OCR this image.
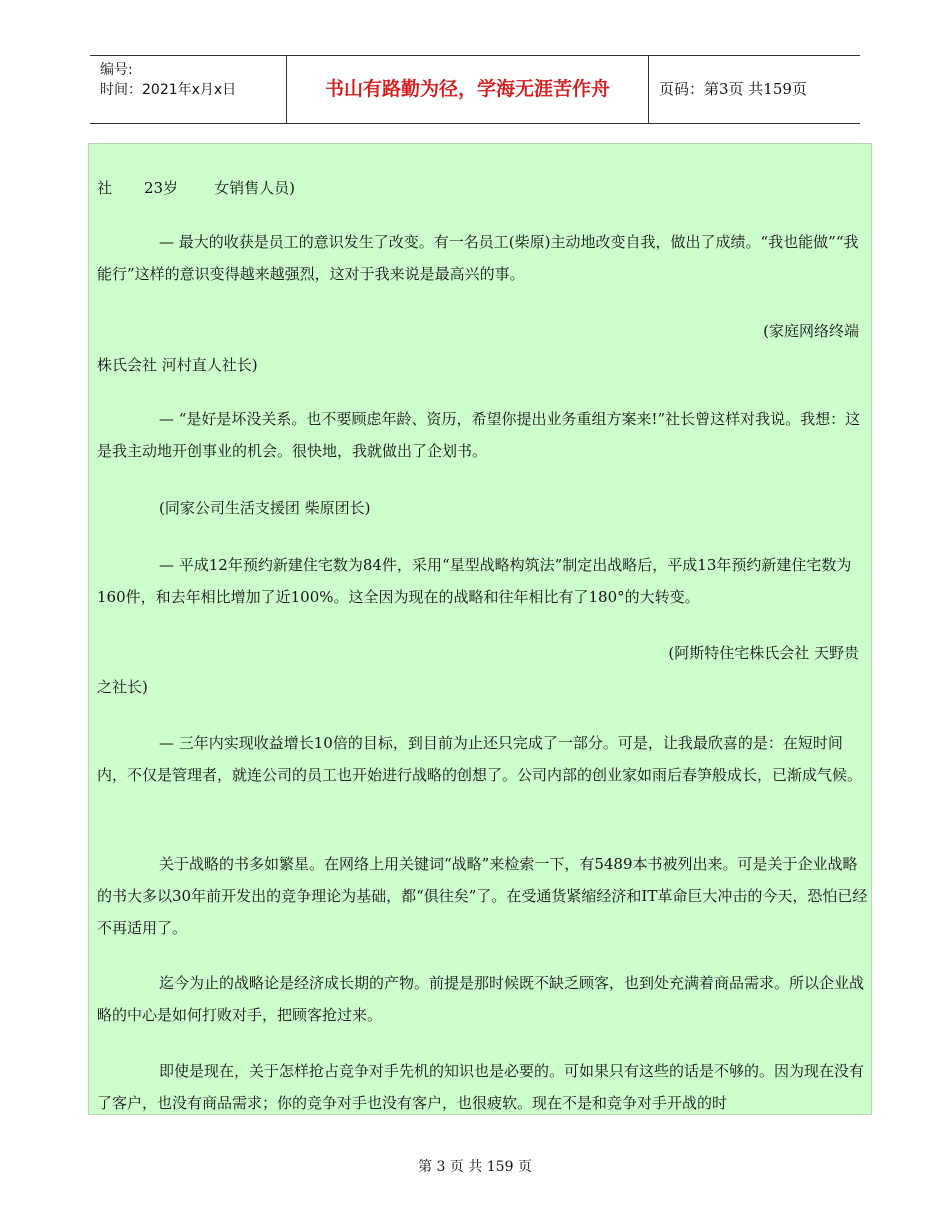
编号:
时间：2021年x月x日	书山有路勤为径，学海无涯苦作舟	页码：第3页 共159页

社 23岁 女销售人员)

— 最大的收获是员工的意识发生了改变。有一名员工(柴原)主动地改变自我，做出了成绩。“我也能做”“我能行”这样的意识变得越来越强烈，这对于我来说是最高兴的事。

(家庭网络终端

株氏会社 河村直人社长)

— “是好是坏没关系。也不要顾虑年龄、资历，希望你提出业务重组方案来!”社长曾这样对我说。我想：这是我主动地开创事业的机会。很快地，我就做出了企划书。

(同家公司生活支援团 柴原团长)

— 平成12年预约新建住宅数为84件，采用“星型战略构筑法”制定出战略后，平成13年预约新建住宅数为160件，和去年相比增加了近100%。这全因为现在的战略和往年相比有了180°的大转变。

(阿斯特住宅株氏会社 天野贵

之社长)

— 三年内实现收益增长10倍的目标，到目前为止还只完成了一部分。可是，让我最欣喜的是：在短时间内，不仅是管理者，就连公司的员工也开始进行战略的创想了。公司内部的创业家如雨后春笋般成长，已渐成气候。

关于战略的书多如繁星。在网络上用关键词“战略”来检索一下，有5489本书被列出来。可是关于企业战略的书大多以30年前开发出的竞争理论为基础，都“俱往矣”了。在受通货紧缩经济和IT革命巨大冲击的今天，恐怕已经不再适用了。

迄今为止的战略论是经济成长期的产物。前提是那时候既不缺乏顾客，也到处充满着商品需求。所以企业战略的中心是如何打败对手，把顾客抢过来。

即使是现在，关于怎样抢占竞争对手先机的知识也是必要的。可如果只有这些的话是不够的。因为现在没有了客户，也没有商品需求；你的竞争对手也没有客户，也很疲软。现在不是和竞争对手开战的时

第 3 页 共 159 页
